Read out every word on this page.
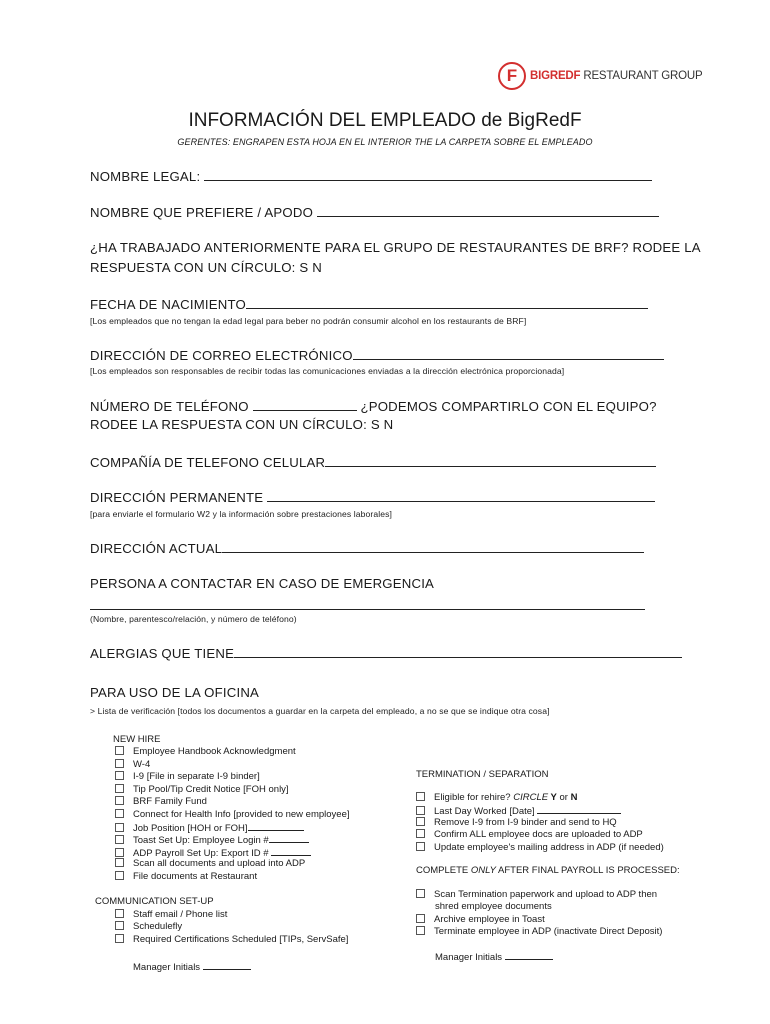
F	BIGREDF RESTAURANT GROUP
INFORMACIÓN DEL EMPLEADO de BigRedF
GERENTES: ENGRAPEN ESTA HOJA EN EL INTERIOR THE LA CARPETA SOBRE EL EMPLEADO
NOMBRE LEGAL:
NOMBRE QUE PREFIERE / APODO
¿HA TRABAJADO ANTERIORMENTE PARA EL GRUPO DE RESTAURANTES DE BRF? RODEE LA
RESPUESTA CON UN CÍRCULO: S N
FECHA DE NACIMIENTO
[Los empleados que no tengan la edad legal para beber no podrán consumir alcohol en los restaurants de BRF]
DIRECCIÓN DE CORREO ELECTRÓNICO
[Los empleados son responsables de recibir todas las comunicaciones enviadas a la dirección electrónica proporcionada]
NÚMERO DE TELÉFONO	¿PODEMOS COMPARTIRLO CON EL EQUIPO?
RODEE LA RESPUESTA CON UN CÍRCULO: S N
COMPAÑÍA DE TELEFONO CELULAR
DIRECCIÓN PERMANENTE
[para enviarle el formulario W2 y la información sobre prestaciones laborales]
DIRECCIÓN ACTUAL
PERSONA A CONTACTAR EN CASO DE EMERGENCIA
(Nombre, parentesco/relación, y número de teléfono)
ALERGIAS QUE TIENE
PARA USO DE LA OFICINA
> Lista de verificación [todos los documentos a guardar en la carpeta del empleado, a no se que se indique otra cosa]
NEW HIRE
Employee Handbook Acknowledgment
W-4
I-9 [File in separate I-9 binder]
Tip Pool/Tip Credit Notice [FOH only]
BRF Family Fund
Connect for Health Info [provided to new employee]
Job Position [HOH or FOH]
Toast Set Up: Employee Login #
ADP Payroll Set Up: Export ID #
Scan all documents and upload into ADP
File documents at Restaurant
COMMUNICATION SET-UP
Staff email / Phone list
Schedulefly
Required Certifications Scheduled [TIPs, ServSafe]
Manager Initials
TERMINATION / SEPARATION
Eligible for rehire? CIRCLE Y or N
Last Day Worked [Date]
Remove I-9 from I-9 binder and send to HQ
Confirm ALL employee docs are uploaded to ADP
Update employee's mailing address in ADP (if needed)
COMPLETE ONLY AFTER FINAL PAYROLL IS PROCESSED:
Scan Termination paperwork and upload to ADP then
shred employee documents
Archive employee in Toast
Terminate employee in ADP (inactivate Direct Deposit)
Manager Initials
